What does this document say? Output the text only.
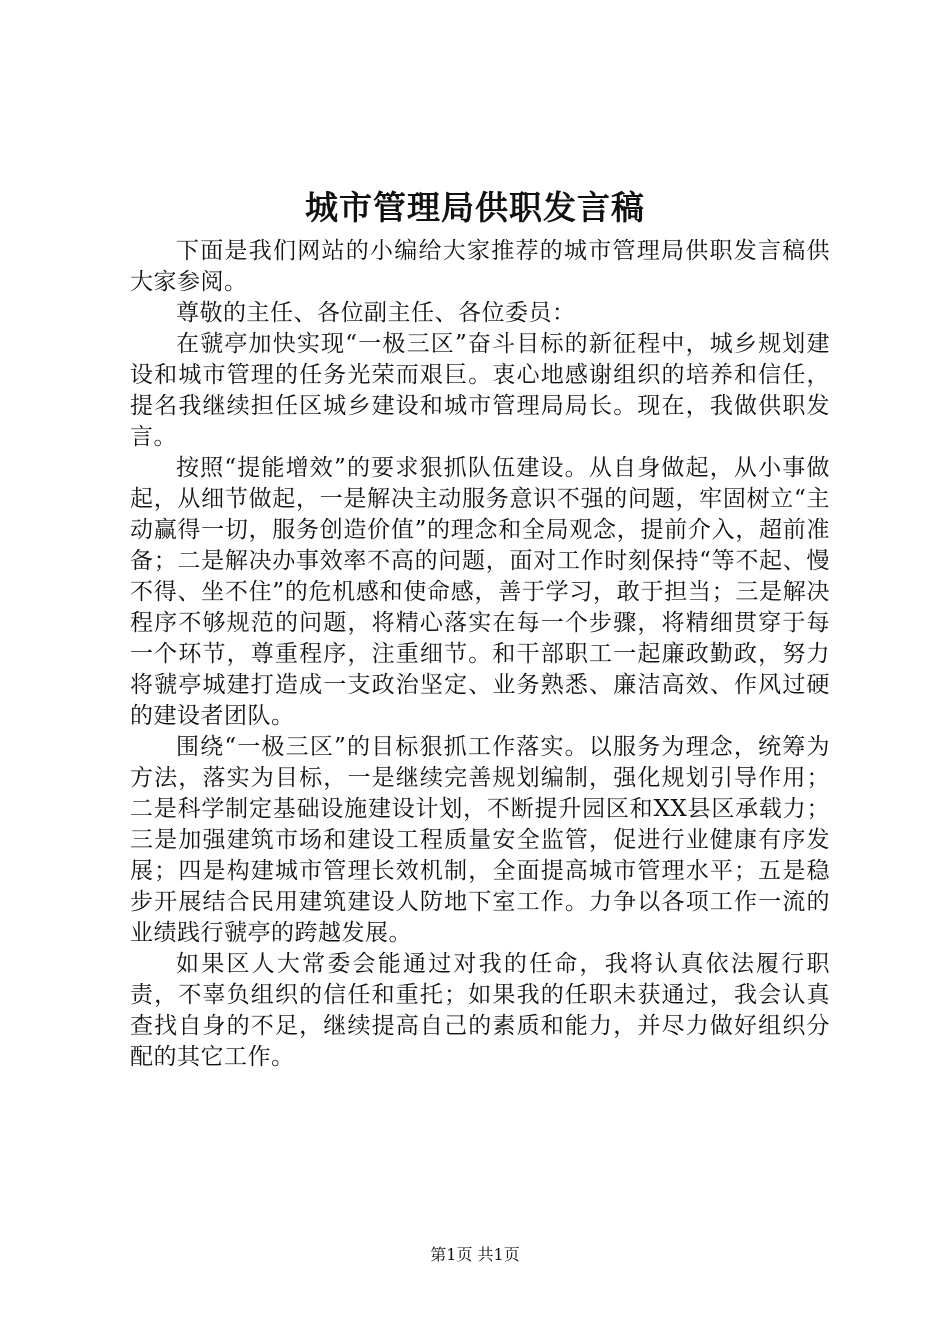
城市管理局供职发言稿

下面是我们网站的小编给大家推荐的城市管理局供职发言稿供大家参阅。

尊敬的主任、各位副主任、各位委员：

在虢亭加快实现“一极三区”奋斗目标的新征程中，城乡规划建设和城市管理的任务光荣而艰巨。衷心地感谢组织的培养和信任，提名我继续担任区城乡建设和城市管理局局长。现在，我做供职发言。

按照“提能增效”的要求狠抓队伍建设。从自身做起，从小事做起，从细节做起，一是解决主动服务意识不强的问题，牢固树立“主动赢得一切，服务创造价值”的理念和全局观念，提前介入，超前准备；二是解决办事效率不高的问题，面对工作时刻保持“等不起、慢不得、坐不住”的危机感和使命感，善于学习，敢于担当；三是解决程序不够规范的问题，将精心落实在每一个步骤，将精细贯穿于每一个环节，尊重程序，注重细节。和干部职工一起廉政勤政，努力将虢亭城建打造成一支政治坚定、业务熟悉、廉洁高效、作风过硬的建设者团队。

围绕“一极三区”的目标狠抓工作落实。以服务为理念，统筹为方法，落实为目标，一是继续完善规划编制，强化规划引导作用；二是科学制定基础设施建设计划，不断提升园区和XX县区承载力；三是加强建筑市场和建设工程质量安全监管，促进行业健康有序发展；四是构建城市管理长效机制，全面提高城市管理水平；五是稳步开展结合民用建筑建设人防地下室工作。力争以各项工作一流的业绩践行虢亭的跨越发展。

如果区人大常委会能通过对我的任命，我将认真依法履行职责，不辜负组织的信任和重托；如果我的任职未获通过，我会认真查找自身的不足，继续提高自己的素质和能力，并尽力做好组织分配的其它工作。

第1页 共1页
